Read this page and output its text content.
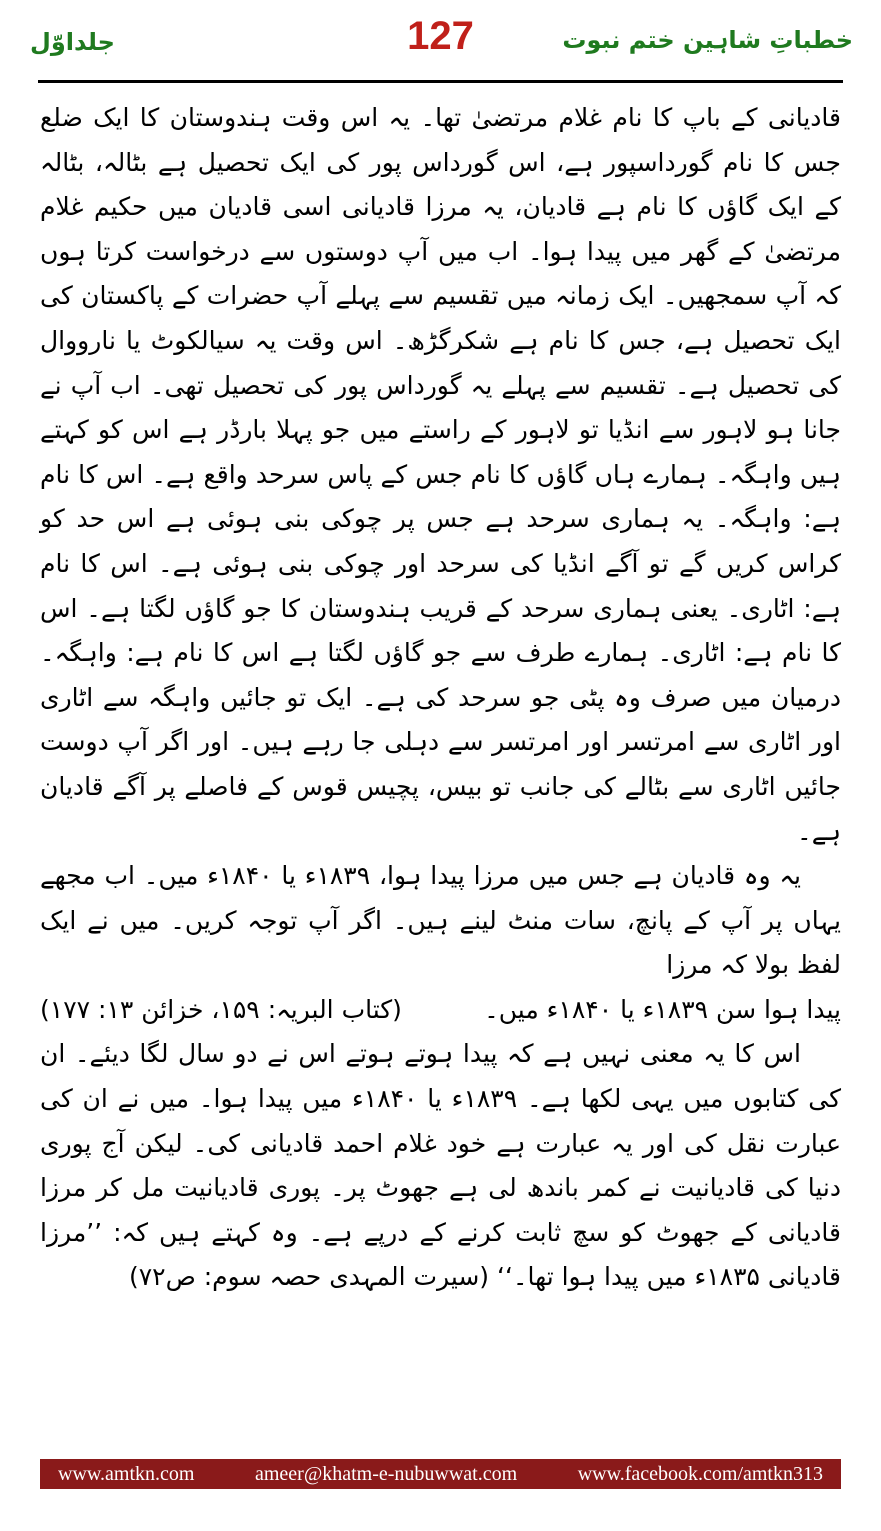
جلداوّل	127	خطباتِ شاہین ختم نبوت

قادیانی کے باپ کا نام غلام مرتضیٰ تھا۔ یہ اس وقت ہندوستان کا ایک ضلع جس کا نام گورداسپور ہے، اس گورداس پور کی ایک تحصیل ہے بٹالہ، بٹالہ کے ایک گاؤں کا نام ہے قادیان، یہ مرزا قادیانی اسی قادیان میں حکیم غلام مرتضیٰ کے گھر میں پیدا ہوا۔ اب میں آپ دوستوں سے درخواست کرتا ہوں کہ آپ سمجھیں۔ ایک زمانہ میں تقسیم سے پہلے آپ حضرات کے پاکستان کی ایک تحصیل ہے، جس کا نام ہے شکرگڑھ۔ اس وقت یہ سیالکوٹ یا نارووال کی تحصیل ہے۔ تقسیم سے پہلے یہ گورداس پور کی تحصیل تھی۔ اب آپ نے جانا ہو لاہور سے انڈیا تو لاہور کے راستے میں جو پہلا بارڈر ہے اس کو کہتے ہیں واہگہ۔ ہمارے ہاں گاؤں کا نام جس کے پاس سرحد واقع ہے۔ اس کا نام ہے: واہگہ۔ یہ ہماری سرحد ہے جس پر چوکی بنی ہوئی ہے اس حد کو کراس کریں گے تو آگے انڈیا کی سرحد اور چوکی بنی ہوئی ہے۔ اس کا نام ہے: اٹاری۔ یعنی ہماری سرحد کے قریب ہندوستان کا جو گاؤں لگتا ہے۔ اس کا نام ہے: اٹاری۔ ہمارے طرف سے جو گاؤں لگتا ہے اس کا نام ہے: واہگہ۔ درمیان میں صرف وہ پٹی جو سرحد کی ہے۔ ایک تو جائیں واہگہ سے اٹاری اور اٹاری سے امرتسر اور امرتسر سے دہلی جا رہے ہیں۔ اور اگر آپ دوست جائیں اٹاری سے بٹالے کی جانب تو بیس، پچیس قوس کے فاصلے پر آگے قادیان ہے۔

یہ وہ قادیان ہے جس میں مرزا پیدا ہوا، ۱۸۳۹ء یا ۱۸۴۰ء میں۔ اب مجھے یہاں پر آپ کے پانچ، سات منٹ لینے ہیں۔ اگر آپ توجہ کریں۔ میں نے ایک لفظ بولا کہ مرزا

پیدا ہوا سن ۱۸۳۹ء یا ۱۸۴۰ء میں۔
(کتاب البریہ: ۱۵۹، خزائن ۱۳: ۱۷۷)

اس کا یہ معنی نہیں ہے کہ پیدا ہوتے ہوتے اس نے دو سال لگا دیئے۔ ان کی کتابوں میں یہی لکھا ہے۔ ۱۸۳۹ء یا ۱۸۴۰ء میں پیدا ہوا۔ میں نے ان کی عبارت نقل کی اور یہ عبارت ہے خود غلام احمد قادیانی کی۔ لیکن آج پوری دنیا کی قادیانیت نے کمر باندھ لی ہے جھوٹ پر۔ پوری قادیانیت مل کر مرزا قادیانی کے جھوٹ کو سچ ثابت کرنے کے درپے ہے۔ وہ کہتے ہیں کہ: ’’مرزا قادیانی ۱۸۳۵ء میں پیدا ہوا تھا۔‘‘ (سیرت المہدی حصہ سوم: ص۷۲)

www.amtkn.com	ameer@khatm-e-nubuwwat.com	www.facebook.com/amtkn313
